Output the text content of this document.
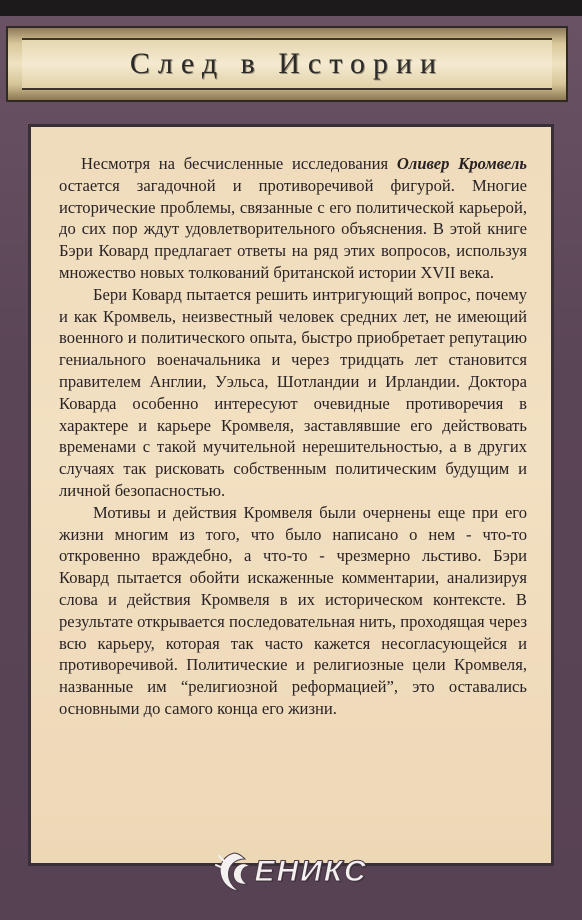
След в Истории

Несмотря на бесчисленные исследования Оливер Кромвель остается загадочной и противоречивой фигурой. Многие исторические проблемы, связанные с его политической карьерой, до сих пор ждут удовлетворительного объяснения. В этой книге Бэри Ковард предлагает ответы на ряд этих вопросов, используя множество новых толкований британской истории XVII века.

Бери Ковард пытается решить интригующий вопрос, почему и как Кромвель, неизвестный человек средних лет, не имеющий военного и политического опыта, быстро приобретает репутацию гениального военачальника и через тридцать лет становится правителем Англии, Уэльса, Шотландии и Ирландии. Доктора Коварда особенно интересуют очевидные противоречия в характере и карьере Кромвеля, заставлявшие его действовать временами с такой мучительной нерешительностью, а в других случаях так рисковать собственным политическим будущим и личной безопасностью.

Мотивы и действия Кромвеля были очернены еще при его жизни многим из того, что было написано о нем - что-то откровенно враждебно, а что-то - чрезмерно льстиво. Бэри Ковард пытается обойти искаженные комментарии, анализируя слова и действия Кромвеля в их историческом контексте. В результате открывается последовательная нить, проходящая через всю карьеру, которая так часто кажется несогласующейся и противоречивой. Политические и религиозные цели Кромвеля, названные им “религиозной реформацией”, это оставались основными до самого конца его жизни.

ЕНИКС
